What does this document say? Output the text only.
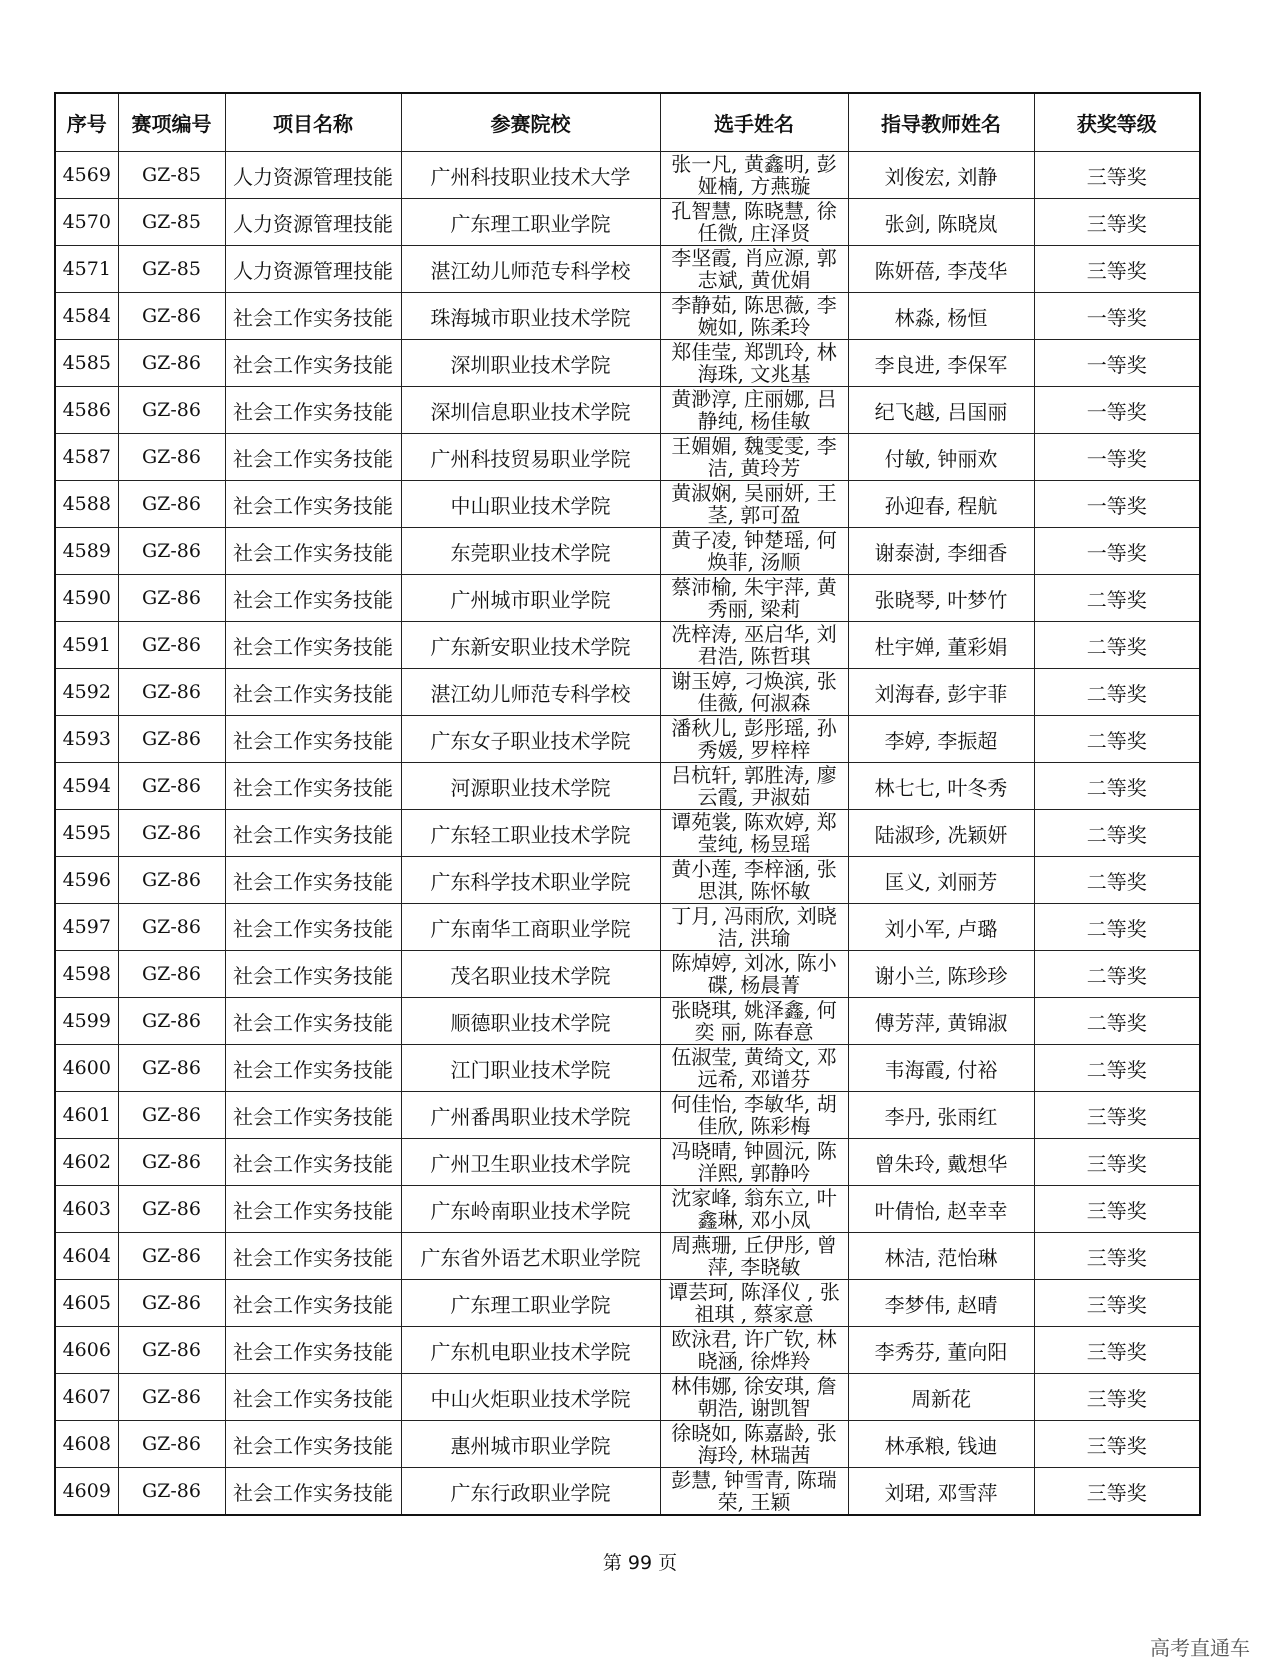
序号	赛项编号	项目名称	参赛院校	选手姓名	指导教师姓名	获奖等级
4569	GZ-85	人力资源管理技能	广州科技职业技术大学	张一凡, 黄鑫明, 彭娅楠, 方燕璇	刘俊宏, 刘静	三等奖
4570	GZ-85	人力资源管理技能	广东理工职业学院	孔智慧, 陈晓慧, 徐任微, 庄泽贤	张剑, 陈晓岚	三等奖
4571	GZ-85	人力资源管理技能	湛江幼儿师范专科学校	李坚霞, 肖应源, 郭志斌, 黄优娟	陈妍蓓, 李茂华	三等奖
4584	GZ-86	社会工作实务技能	珠海城市职业技术学院	李静茹, 陈思薇, 李婉如, 陈柔玲	林淼, 杨恒	一等奖
4585	GZ-86	社会工作实务技能	深圳职业技术学院	郑佳莹, 郑凯玲, 林海珠, 文兆基	李良进, 李保军	一等奖
4586	GZ-86	社会工作实务技能	深圳信息职业技术学院	黄渺淳, 庄丽娜, 吕静纯, 杨佳敏	纪飞越, 吕国丽	一等奖
4587	GZ-86	社会工作实务技能	广州科技贸易职业学院	王媚媚, 魏雯雯, 李洁, 黄玲芳	付敏, 钟丽欢	一等奖
4588	GZ-86	社会工作实务技能	中山职业技术学院	黄淑娴, 吴丽妍, 王茎, 郭可盈	孙迎春, 程航	一等奖
4589	GZ-86	社会工作实务技能	东莞职业技术学院	黄子凌, 钟楚瑶, 何焕菲, 汤顺	谢泰澍, 李细香	一等奖
4590	GZ-86	社会工作实务技能	广州城市职业学院	蔡沛榆, 朱宇萍, 黄秀丽, 梁莉	张晓琴, 叶梦竹	二等奖
4591	GZ-86	社会工作实务技能	广东新安职业技术学院	冼梓涛, 巫启华, 刘君浩, 陈哲琪	杜宇婵, 董彩娟	二等奖
4592	GZ-86	社会工作实务技能	湛江幼儿师范专科学校	谢玉婷, 刁焕滨, 张佳薇, 何淑森	刘海春, 彭宇菲	二等奖
4593	GZ-86	社会工作实务技能	广东女子职业技术学院	潘秋儿, 彭彤瑶, 孙秀媛, 罗梓梓	李婷, 李振超	二等奖
4594	GZ-86	社会工作实务技能	河源职业技术学院	吕杭轩, 郭胜涛, 廖云霞, 尹淑茹	林七七, 叶冬秀	二等奖
4595	GZ-86	社会工作实务技能	广东轻工职业技术学院	谭苑裳, 陈欢婷, 郑莹纯, 杨昱瑶	陆淑珍, 冼颖妍	二等奖
4596	GZ-86	社会工作实务技能	广东科学技术职业学院	黄小莲, 李梓涵, 张思淇, 陈怀敏	匡义, 刘丽芳	二等奖
4597	GZ-86	社会工作实务技能	广东南华工商职业学院	丁月, 冯雨欣, 刘晓洁, 洪瑜	刘小军, 卢璐	二等奖
4598	GZ-86	社会工作实务技能	茂名职业技术学院	陈焯婷, 刘冰, 陈小碟, 杨晨菁	谢小兰, 陈珍珍	二等奖
4599	GZ-86	社会工作实务技能	顺德职业技术学院	张晓琪, 姚泽鑫, 何奕 丽, 陈春意	傅芳萍, 黄锦淑	二等奖
4600	GZ-86	社会工作实务技能	江门职业技术学院	伍淑莹, 黄绮文, 邓远希, 邓谱芬	韦海霞, 付裕	二等奖
4601	GZ-86	社会工作实务技能	广州番禺职业技术学院	何佳怡, 李敏华, 胡佳欣, 陈彩梅	李丹, 张雨红	三等奖
4602	GZ-86	社会工作实务技能	广州卫生职业技术学院	冯晓晴, 钟圆沅, 陈洋熙, 郭静吟	曾朱玲, 戴想华	三等奖
4603	GZ-86	社会工作实务技能	广东岭南职业技术学院	沈家峰, 翁东立, 叶鑫琳, 邓小凤	叶倩怡, 赵幸幸	三等奖
4604	GZ-86	社会工作实务技能	广东省外语艺术职业学院	周燕珊, 丘伊彤, 曾萍, 李晓敏	林洁, 范怡琳	三等奖
4605	GZ-86	社会工作实务技能	广东理工职业学院	谭芸珂, 陈泽仪 , 张祖琪 , 蔡家意	李梦伟, 赵晴	三等奖
4606	GZ-86	社会工作实务技能	广东机电职业技术学院	欧泳君, 许广钦, 林晓涵, 徐烨羚	李秀芬, 董向阳	三等奖
4607	GZ-86	社会工作实务技能	中山火炬职业技术学院	林伟娜, 徐安琪, 詹朝浩, 谢凯智	周新花	三等奖
4608	GZ-86	社会工作实务技能	惠州城市职业学院	徐晓如, 陈嘉龄, 张海玲, 林瑞茜	林承粮, 钱迪	三等奖
4609	GZ-86	社会工作实务技能	广东行政职业学院	彭慧, 钟雪青, 陈瑞荣, 王颖	刘珺, 邓雪萍	三等奖
第 99 页
高考直通车
